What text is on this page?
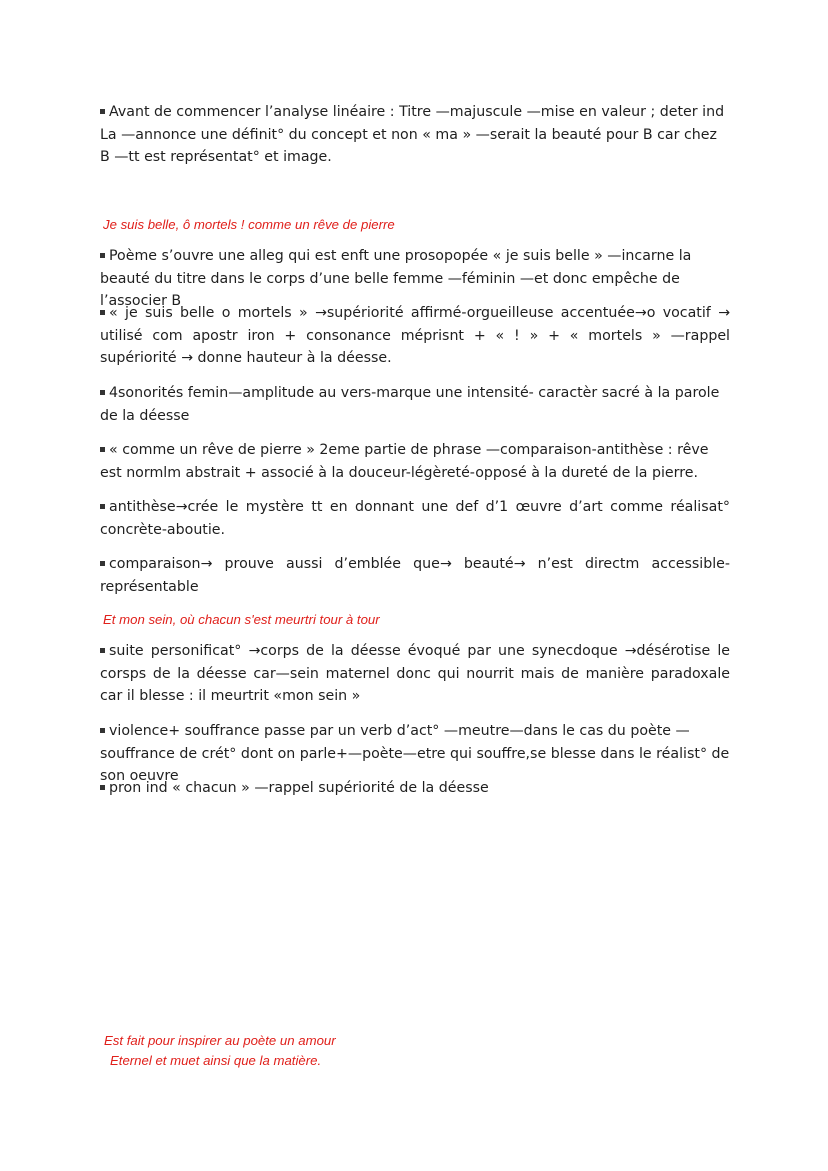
Avant de commencer l’analyse linéaire : Titre —majuscule —mise en valeur ; deter ind La —annonce une définit° du concept et non « ma » —serait la beauté pour B car chez B —tt est représentat° et image.

Je suis belle, ô mortels ! comme un rêve de pierre

Poème s’ouvre une alleg qui est enft une prosopopée « je suis belle » —incarne la beauté du titre dans le corps d’une belle femme —féminin —et donc empêche de l’associer B

« je suis belle o mortels » →supériorité affirmé-orgueilleuse accentuée→o vocatif → utilisé com apostr iron + consonance méprisnt + « ! » + « mortels » —rappel supériorité → donne hauteur à la déesse.

4sonorités femin—amplitude au vers-marque une intensité- caractèr sacré à la parole de la déesse

« comme un rêve de pierre » 2eme partie de phrase —comparaison-antithèse : rêve est normlm abstrait + associé à la douceur-légèreté-opposé à la dureté de la pierre.

antithèse→crée le mystère tt en donnant une def d’1 œuvre d’art comme réalisat° concrète-aboutie.

comparaison→ prouve aussi d’emblée que→ beauté→ n’est directm accessible-représentable

Et mon sein, où chacun s'est meurtri tour à tour

suite personificat° →corps de la déesse évoqué par une synecdoque →désérotise le corsps de la déesse car—sein maternel donc qui nourrit mais de manière paradoxale car il blesse : il meurtrit «mon sein »

violence+ souffrance passe par un verb d’act° —meutre—dans le cas du poète —souffrance de crét° dont on parle+—poète—etre qui souffre,se blesse dans le réalist° de son oeuvre

pron ind « chacun » —rappel supériorité de la déesse

Est fait pour inspirer au poète un amour

Eternel et muet ainsi que la matière.
